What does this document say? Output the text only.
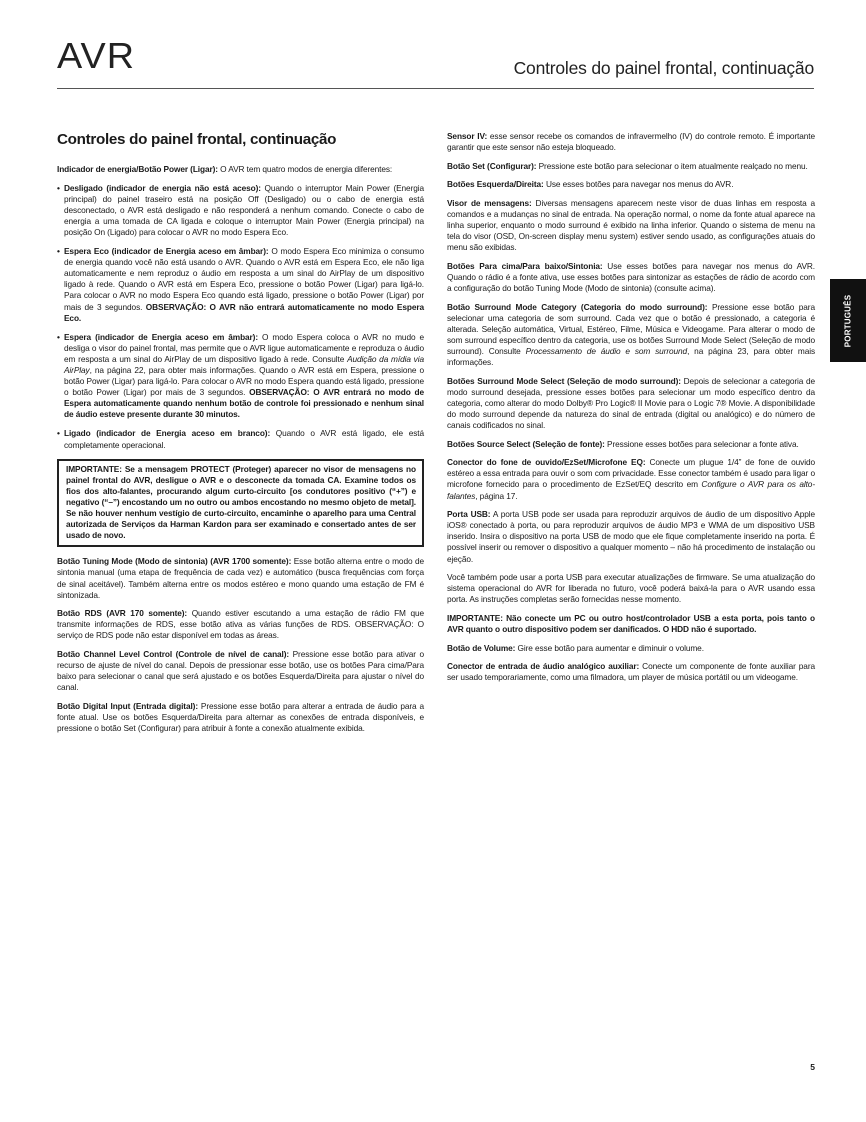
AVR	Controles do painel frontal, continuação
PORTUGUÊS
Controles do painel frontal, continuação

Indicador de energia/Botão Power (Ligar): O AVR tem quatro modos de energia diferentes:

• Desligado (indicador de energia não está aceso): Quando o interruptor Main Power (Energia principal) do painel traseiro está na posição Off (Desligado) ou o cabo de energia está desconectado, o AVR está desligado e não responderá a nenhum comando. Conecte o cabo de energia a uma tomada de CA ligada e coloque o interruptor Main Power (Energia principal) na posição On (Ligado) para colocar o AVR no modo Espera Eco.
• Espera Eco (indicador de Energia aceso em âmbar): O modo Espera Eco minimiza o consumo de energia quando você não está usando o AVR. Quando o AVR está em Espera Eco, ele não liga automaticamente e nem reproduz o áudio em resposta a um sinal do AirPlay de um dispositivo ligado à rede. Quando o AVR está em Espera Eco, pressione o botão Power (Ligar) para ligá-lo. Para colocar o AVR no modo Espera Eco quando está ligado, pressione o botão Power (Ligar) por mais de 3 segundos. OBSERVAÇÃO: O AVR não entrará automaticamente no modo Espera Eco.
• Espera (indicador de Energia aceso em âmbar): O modo Espera coloca o AVR no mudo e desliga o visor do painel frontal, mas permite que o AVR ligue automaticamente e reproduza o áudio em resposta a um sinal do AirPlay de um dispositivo ligado à rede. Consulte Audição da mídia via AirPlay, na página 22, para obter mais informações. Quando o AVR está em Espera, pressione o botão Power (Ligar) para ligá-lo. Para colocar o AVR no modo Espera quando está ligado, pressione o botão Power (Ligar) por mais de 3 segundos. OBSERVAÇÃO: O AVR entrará no modo de Espera automaticamente quando nenhum botão de controle foi pressionado e nenhum sinal de áudio esteve presente durante 30 minutos.
• Ligado (indicador de Energia aceso em branco): Quando o AVR está ligado, ele está completamente operacional.
IMPORTANTE: Se a mensagem PROTECT (Proteger) aparecer no visor de mensagens no painel frontal do AVR, desligue o AVR e o desconecte da tomada CA. Examine todos os fios dos alto-falantes, procurando algum curto-circuito [os condutores positivo (“+”) e negativo (“–”) encostando um no outro ou ambos encostando no mesmo objeto de metal]. Se não houver nenhum vestígio de curto-circuito, encaminhe o aparelho para uma Central autorizada de Serviços da Harman Kardon para ser examinado e consertado antes de ser usado de novo.

Botão Tuning Mode (Modo de sintonia) (AVR 1700 somente): Esse botão alterna entre o modo de sintonia manual (uma etapa de frequência de cada vez) e automático (busca frequências com força de sinal aceitável). Também alterna entre os modos estéreo e mono quando uma estação de FM é sintonizada.

Botão RDS (AVR 170 somente): Quando estiver escutando a uma estação de rádio FM que transmite informações de RDS, esse botão ativa as várias funções de RDS. OBSERVAÇÃO: O serviço de RDS pode não estar disponível em todas as áreas.

Botão Channel Level Control (Controle de nível de canal): Pressione esse botão para ativar o recurso de ajuste de nível do canal. Depois de pressionar esse botão, use os botões Para cima/Para baixo para selecionar o canal que será ajustado e os botões Esquerda/Direita para ajustar o nível do canal.

Botão Digital Input (Entrada digital): Pressione esse botão para alterar a entrada de áudio para a fonte atual. Use os botões Esquerda/Direita para alternar as conexões de entrada disponíveis, e pressione o botão Set (Configurar) para atribuir à fonte a conexão atualmente exibida.

Sensor IV: esse sensor recebe os comandos de infravermelho (IV) do controle remoto. É importante garantir que este sensor não esteja bloqueado.

Botão Set (Configurar): Pressione este botão para selecionar o item atualmente realçado no menu.

Botões Esquerda/Direita: Use esses botões para navegar nos menus do AVR.

Visor de mensagens: Diversas mensagens aparecem neste visor de duas linhas em resposta a comandos e a mudanças no sinal de entrada. Na operação normal, o nome da fonte atual aparece na linha superior, enquanto o modo surround é exibido na linha inferior. Quando o sistema de menu na tela do visor (OSD, On-screen display menu system) estiver sendo usado, as configurações atuais do menu são exibidas.

Botões Para cima/Para baixo/Sintonia: Use esses botões para navegar nos menus do AVR. Quando o rádio é a fonte ativa, use esses botões para sintonizar as estações de rádio de acordo com a configuração do botão Tuning Mode (Modo de sintonia) (consulte acima).

Botão Surround Mode Category (Categoria do modo surround): Pressione esse botão para selecionar uma categoria de som surround. Cada vez que o botão é pressionado, a categoria é alterada. Seleção automática, Virtual, Estéreo, Filme, Música e Videogame. Para alterar o modo de som surround específico dentro da categoria, use os botões Surround Mode Select (Seleção de modo surround). Consulte Processamento de áudio e som surround, na página 23, para obter mais informações.

Botões Surround Mode Select (Seleção de modo surround): Depois de selecionar a categoria de modo surround desejada, pressione esses botões para selecionar um modo específico dentro da categoria, como alterar do modo Dolby® Pro Logic® II Movie para o Logic 7® Movie. A disponibilidade do modo surround depende da natureza do sinal de entrada (digital ou analógico) e do número de canais codificados no sinal.

Botões Source Select (Seleção de fonte): Pressione esses botões para selecionar a fonte ativa.

Conector do fone de ouvido/EzSet/Microfone EQ: Conecte um plugue 1/4” de fone de ouvido estéreo a essa entrada para ouvir o som com privacidade. Esse conector também é usado para ligar o microfone fornecido para o procedimento de EzSet/EQ descrito em Configure o AVR para os alto-falantes, página 17.

Porta USB: A porta USB pode ser usada para reproduzir arquivos de áudio de um dispositivo Apple iOS® conectado à porta, ou para reproduzir arquivos de áudio MP3 e WMA de um dispositivo USB inserido. Insira o dispositivo na porta USB de modo que ele fique completamente inserido na porta. É possível inserir ou remover o dispositivo a qualquer momento – não há procedimento de instalação ou ejeção.

Você também pode usar a porta USB para executar atualizações de firmware. Se uma atualização do sistema operacional do AVR for liberada no futuro, você poderá baixá-la para o AVR usando essa porta. As instruções completas serão fornecidas nesse momento.

IMPORTANTE: Não conecte um PC ou outro host/controlador USB a esta porta, pois tanto o AVR quanto o outro dispositivo podem ser danificados. O HDD não é suportado.

Botão de Volume: Gire esse botão para aumentar e diminuir o volume.

Conector de entrada de áudio analógico auxiliar: Conecte um componente de fonte auxiliar para ser usado temporariamente, como uma filmadora, um player de música portátil ou um videogame.

5
